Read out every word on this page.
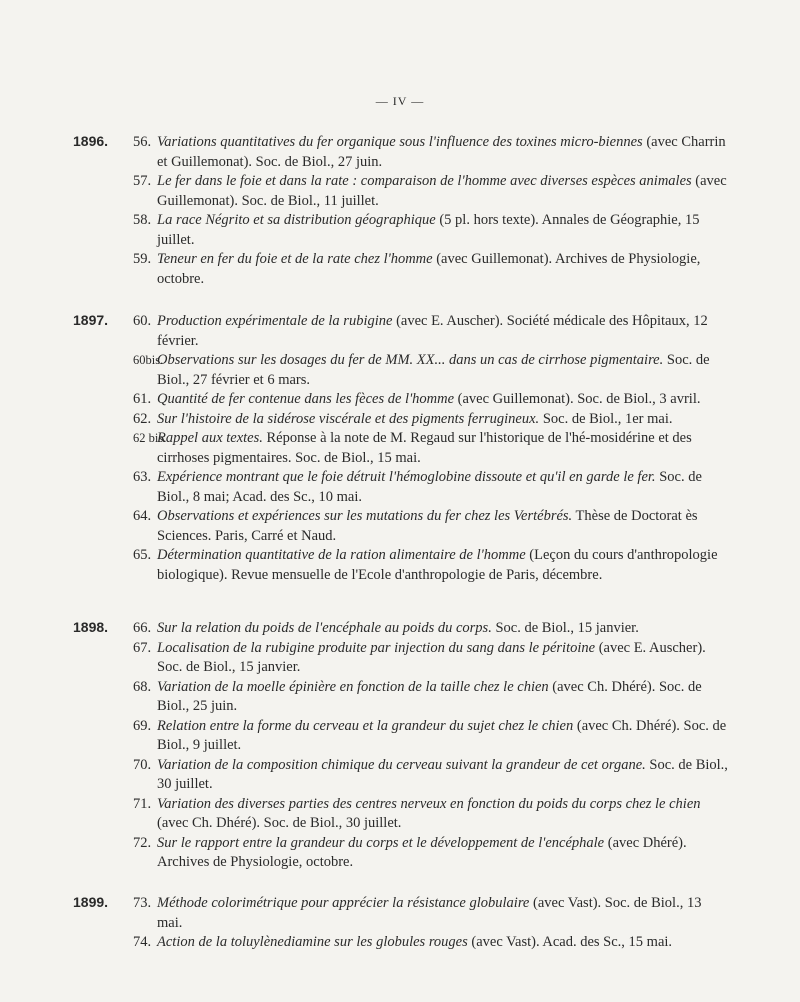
— IV —
1896. 56. Variations quantitatives du fer organique sous l'influence des toxines micro-biennes (avec Charrin et Guillemonat). Soc. de Biol., 27 juin.
57. Le fer dans le foie et dans la rate : comparaison de l'homme avec diverses espèces animales (avec Guillemonat). Soc. de Biol., 11 juillet.
58. La race Négrito et sa distribution géographique (5 pl. hors texte). Annales de Géographie, 15 juillet.
59. Teneur en fer du foie et de la rate chez l'homme (avec Guillemonat). Archives de Physiologie, octobre.
1897. 60. Production expérimentale de la rubigine (avec E. Auscher). Société médicale des Hôpitaux, 12 février.
60bis.
Observations sur les dosages du fer de MM. XX... dans un cas de cirrhose pigmentaire. Soc. de Biol., 27 février et 6 mars.
61. Quantité de fer contenue dans les fèces de l'homme (avec Guillemonat). Soc. de Biol., 3 avril.
62. Sur l'histoire de la sidérose viscérale et des pigments ferrugineux. Soc. de Biol., 1er mai.
62 bis.
Rappel aux textes. Réponse à la note de M. Regaud sur l'historique de l'hé-mosidérine et des cirrhoses pigmentaires. Soc. de Biol., 15 mai.
63. Expérience montrant que le foie détruit l'hémoglobine dissoute et qu'il en garde le fer. Soc. de Biol., 8 mai; Acad. des Sc., 10 mai.
64. Observations et expériences sur les mutations du fer chez les Vertébrés. Thèse de Doctorat ès Sciences. Paris, Carré et Naud.
65. Détermination quantitative de la ration alimentaire de l'homme (Leçon du cours d'anthropologie biologique). Revue mensuelle de l'Ecole d'anthropologie de Paris, décembre.
1898. 66. Sur la relation du poids de l'encéphale au poids du corps. Soc. de Biol., 15 janvier.
67. Localisation de la rubigine produite par injection du sang dans le péritoine (avec E. Auscher). Soc. de Biol., 15 janvier.
68. Variation de la moelle épinière en fonction de la taille chez le chien (avec Ch. Dhéré). Soc. de Biol., 25 juin.
69. Relation entre la forme du cerveau et la grandeur du sujet chez le chien (avec Ch. Dhéré). Soc. de Biol., 9 juillet.
70. Variation de la composition chimique du cerveau suivant la grandeur de cet organe. Soc. de Biol., 30 juillet.
71. Variation des diverses parties des centres nerveux en fonction du poids du corps chez le chien (avec Ch. Dhéré). Soc. de Biol., 30 juillet.
72. Sur le rapport entre la grandeur du corps et le développement de l'encéphale (avec Dhéré). Archives de Physiologie, octobre.
1899. 73. Méthode colorimétrique pour apprécier la résistance globulaire (avec Vast). Soc. de Biol., 13 mai.
74. Action de la toluylènediamine sur les globules rouges (avec Vast). Acad. des Sc., 15 mai.
